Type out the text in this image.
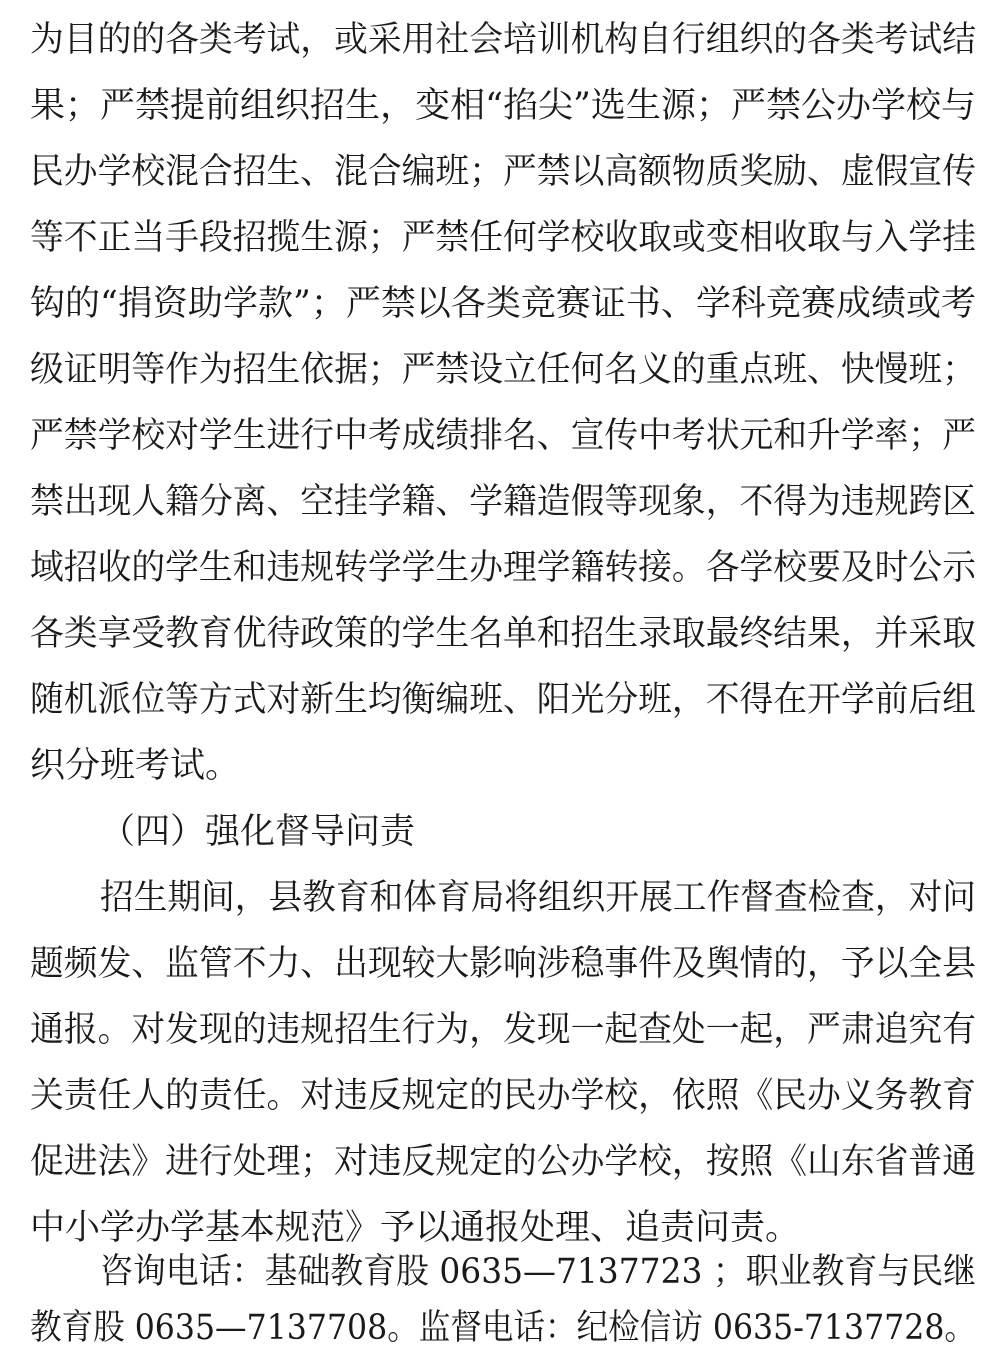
为目的的各类考试，或采用社会培训机构自行组织的各类考试结
果；严禁提前组织招生，变相“掐尖”选生源；严禁公办学校与
民办学校混合招生、混合编班；严禁以高额物质奖励、虚假宣传
等不正当手段招揽生源；严禁任何学校收取或变相收取与入学挂
钩的“捐资助学款”；严禁以各类竞赛证书、学科竞赛成绩或考
级证明等作为招生依据；严禁设立任何名义的重点班、快慢班；
严禁学校对学生进行中考成绩排名、宣传中考状元和升学率；严
禁出现人籍分离、空挂学籍、学籍造假等现象，不得为违规跨区
域招收的学生和违规转学学生办理学籍转接。各学校要及时公示
各类享受教育优待政策的学生名单和招生录取最终结果，并采取
随机派位等方式对新生均衡编班、阳光分班，不得在开学前后组
织分班考试。
（四）强化督导问责
招生期间，县教育和体育局将组织开展工作督查检查，对问
题频发、监管不力、出现较大影响涉稳事件及舆情的，予以全县
通报。对发现的违规招生行为，发现一起查处一起，严肃追究有
关责任人的责任。对违反规定的民办学校，依照《民办义务教育
促进法》进行处理；对违反规定的公办学校，按照《山东省普通
中小学办学基本规范》予以通报处理、追责问责。
咨询电话：基础教育股 0635—7137723 ；职业教育与民继
教育股 0635—7137708。监督电话：纪检信访 0635-7137728。
